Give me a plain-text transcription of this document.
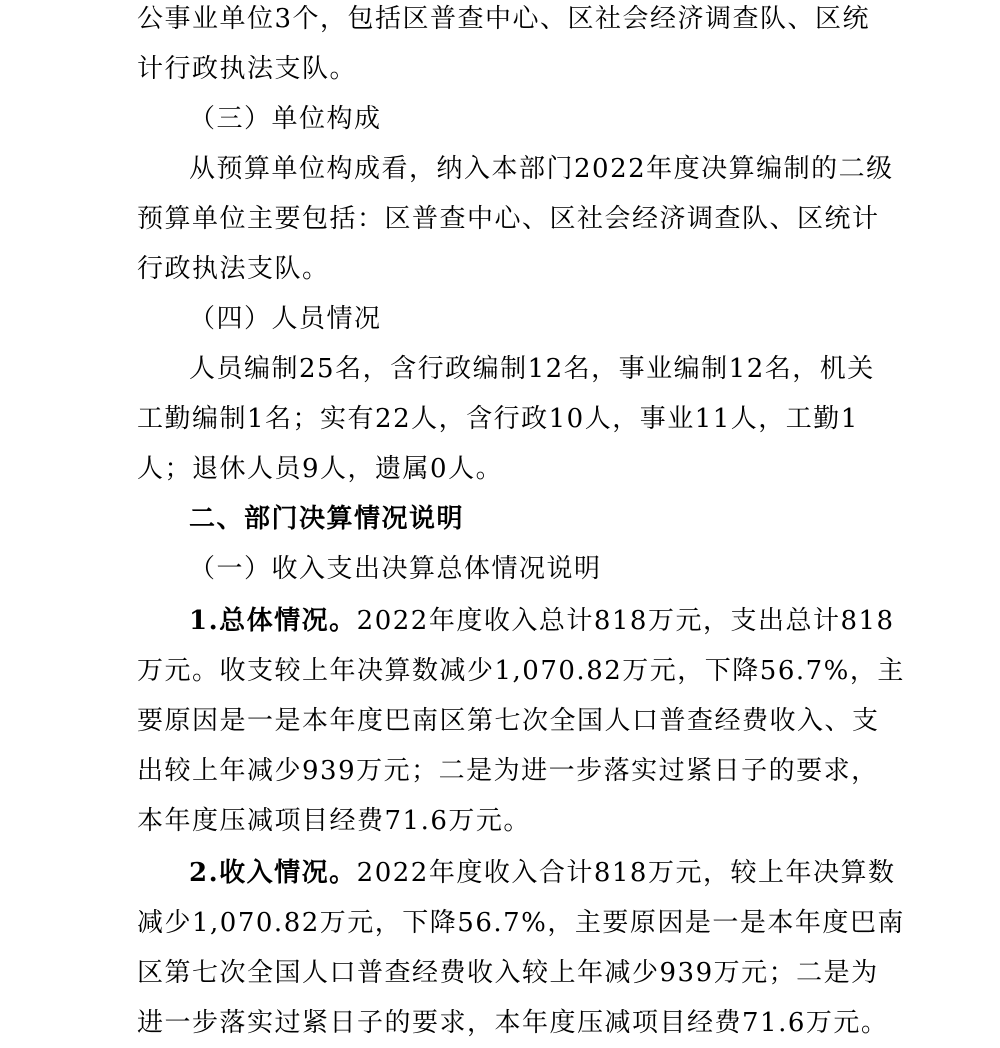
公事业单位3个，包括区普查中心、区社会经济调查队、区统
计行政执法支队。
（三）单位构成
从预算单位构成看，纳入本部门2022年度决算编制的二级
预算单位主要包括：区普查中心、区社会经济调查队、区统计
行政执法支队。
（四）人员情况
人员编制25名，含行政编制12名，事业编制12名，机关
工勤编制1名；实有22人，含行政10人，事业11人，工勤1
人；退休人员9人，遗属0人。
二、部门决算情况说明
（一）收入支出决算总体情况说明
1.总体情况。2022年度收入总计818万元，支出总计818
万元。收支较上年决算数减少1,070.82万元，下降56.7%，主
要原因是一是本年度巴南区第七次全国人口普查经费收入、支
出较上年减少939万元；二是为进一步落实过紧日子的要求，
本年度压减项目经费71.6万元。
2.收入情况。2022年度收入合计818万元，较上年决算数
减少1,070.82万元，下降56.7%，主要原因是一是本年度巴南
区第七次全国人口普查经费收入较上年减少939万元；二是为
进一步落实过紧日子的要求，本年度压减项目经费71.6万元。
